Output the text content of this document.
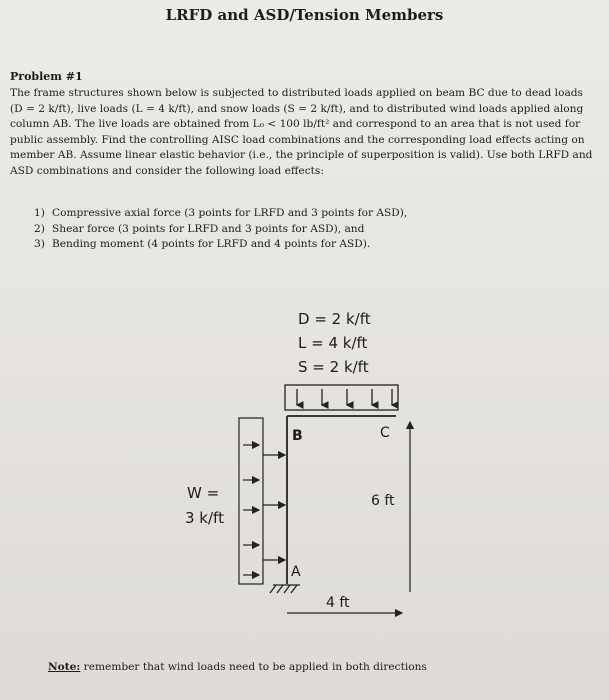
LRFD and ASD/Tension Members
Problem #1
The frame structures shown below is subjected to distributed loads applied on beam BC due to dead loads (D = 2 k/ft), live loads (L = 4 k/ft), and snow loads (S = 2 k/ft), and to distributed wind loads applied along column AB. The live loads are obtained from L₀ < 100 lb/ft² and correspond to an area that is not used for public assembly. Find the controlling AISC load combinations and the corresponding load effects acting on member AB. Assume linear elastic behavior (i.e., the principle of superposition is valid). Use both LRFD and ASD combinations and consider the following load effects:
1) Compressive axial force (3 points for LRFD and 3 points for ASD),
2) Shear force (3 points for LRFD and 3 points for ASD), and
3) Bending moment (4 points for LRFD and 4 points for ASD).
D = 2 k/ft
L = 4 k/ft
S = 2 k/ft
B	C
A
6 ft
4 ft
W =
3 k/ft
Note: remember that wind loads need to be applied in both directions
